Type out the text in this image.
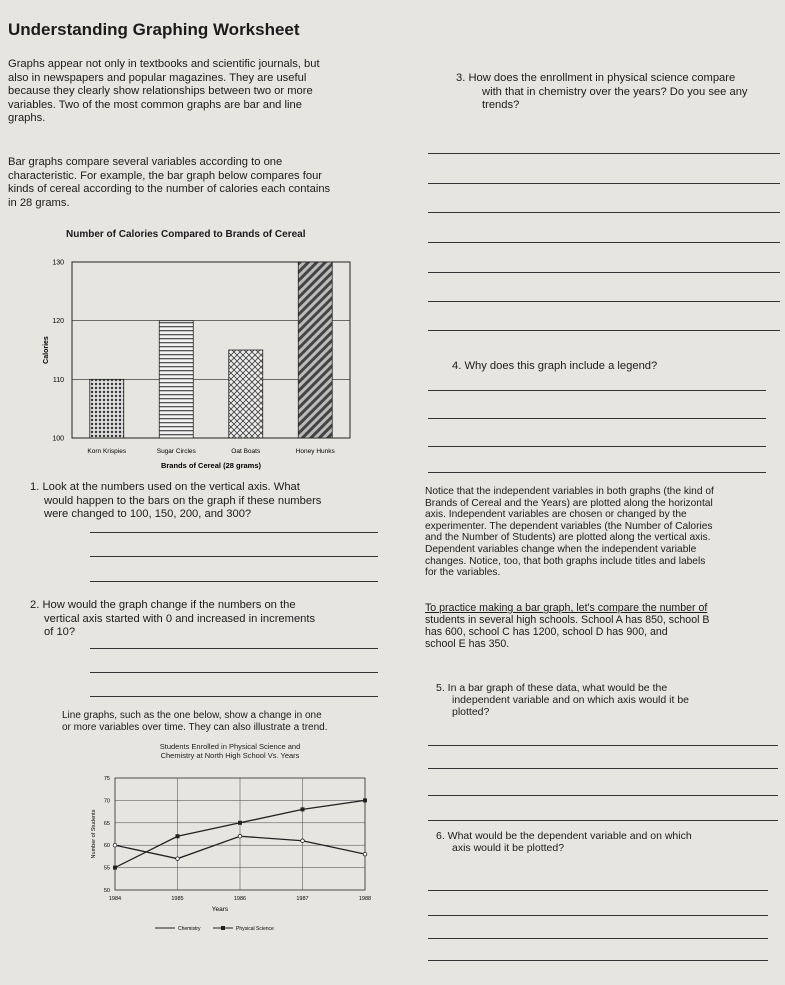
Understanding Graphing Worksheet
Graphs appear not only in textbooks and scientific journals, but
also in newspapers and popular magazines. They are useful
because they clearly show relationships between two or more
variables. Two of the most common graphs are bar and line
graphs.
Bar graphs compare several variables according to one
characteristic. For example, the bar graph below compares four
kinds of cereal according to the number of calories each contains
in 28 grams.
Number of Calories Compared to Brands of Cereal
100
110
120
130
Calories
Korn Krispies	Sugar Circles	Oat Boats	Honey Hunks
Brands of Cereal (28 grams)
Students Enrolled in Physical Science and
Chemistry at North High School Vs. Years
50
55
60
65
70
75
1984	1985	1986	1987	1988
Years
Number of Students
Chemistry	Physical Science
1. Look at the numbers used on the vertical axis. What
would happen to the bars on the graph if these numbers
were changed to 100, 150, 200, and 300?
2. How would the graph change if the numbers on the
vertical axis started with 0 and increased in increments
of 10?
Line graphs, such as the one below, show a change in one
or more variables over time. They can also illustrate a trend.
3. How does the enrollment in physical science compare
with that in chemistry over the years? Do you see any
trends?
4. Why does this graph include a legend?
Notice that the independent variables in both graphs (the kind of
Brands of Cereal and the Years) are plotted along the horizontal
axis. Independent variables are chosen or changed by the
experimenter. The dependent variables (the Number of Calories
and the Number of Students) are plotted along the vertical axis.
Dependent variables change when the independent variable
changes. Notice, too, that both graphs include titles and labels
for the variables.
To practice making a bar graph, let's compare the number of
students in several high schools. School A has 850, school B
has 600, school C has 1200, school D has 900, and
school E has 350.
5. In a bar graph of these data, what would be the
independent variable and on which axis would it be
plotted?
6. What would be the dependent variable and on which
axis would it be plotted?
